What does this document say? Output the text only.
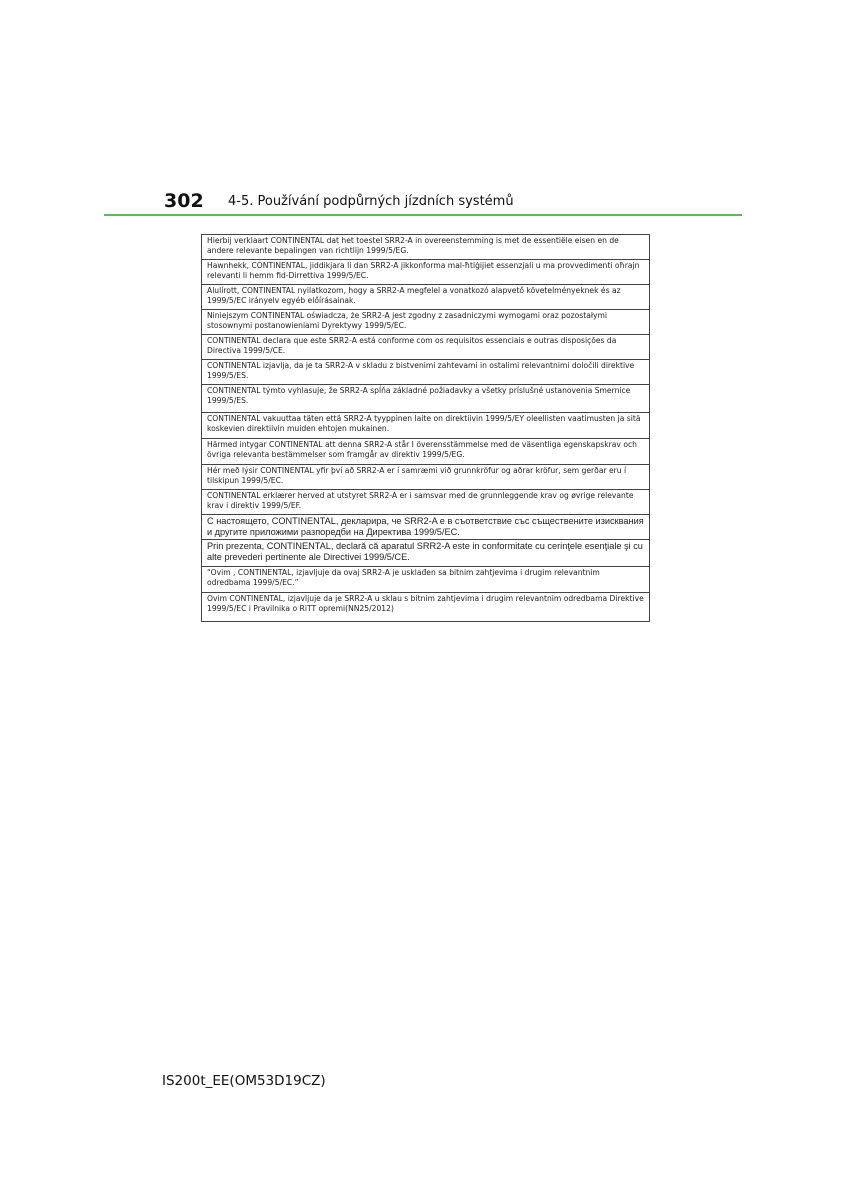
302 4-5. Používání podpůrných jízdních systémů
Hierbij verklaart CONTINENTAL dat het toestel SRR2-A in overeenstemming is met de essentiële eisen en de andere relevante bepalingen van richtlijn 1999/5/EG.
Hawnhekk, CONTINENTAL, jiddikjara li dan SRR2-A jikkonforma mal-ħtiġijiet essenzjali u ma provvedimenti oħrajn relevanti li hemm fid-Dirrettiva 1999/5/EC.
Alulírott, CONTINENTAL nyilatkozom, hogy a SRR2-A megfelel a vonatkozó alapvető követelményeknek és az 1999/5/EC irányelv egyéb előírásainak.
Niniejszym CONTINENTAL oświadcza, że SRR2-A jest zgodny z zasadniczymi wymogami oraz pozostałymi stosownymi postanowieniami Dyrektywy 1999/5/EC.
CONTINENTAL declara que este SRR2-A está conforme com os requisitos essenciais e outras disposições da Directiva 1999/5/CE.
CONTINENTAL izjavlja, da je ta SRR2-A v skladu z bistvenimi zahtevami in ostalimi relevantnimi določili direktive 1999/5/ES.
CONTINENTAL týmto vyhlasuje, že SRR2-A spĺňa základné požiadavky a všetky príslušné ustanovenia Smernice 1999/5/ES.
CONTINENTAL vakuuttaa täten että SRR2-A tyyppinen laite on direktiivin 1999/5/EY oleellisten vaatimusten ja sitä koskevien direktiivin muiden ehtojen mukainen.
Härmed intygar CONTINENTAL att denna SRR2-A står I överensstämmelse med de väsentliga egenskapskrav och övriga relevanta bestämmelser som framgår av direktiv 1999/5/EG.
Hér með lýsir CONTINENTAL yfir því að SRR2-A er í samræmi við grunnkröfur og aðrar kröfur, sem gerðar eru í tilskipun 1999/5/EC.
CONTINENTAL erklærer herved at utstyret SRR2-A er i samsvar med de grunnleggende krav og øvrige relevante krav i direktiv 1999/5/EF.
С настоящето, CONTINENTAL, декларира, че SRR2-A е в съответствие със съществените изисквания и другите приложими разпоредби на Директива 1999/5/EC.
Prin prezenta, CONTINENTAL, declară că aparatul SRR2-A este in conformitate cu cerinţele esenţiale şi cu alte prevederi pertinente ale Directivei 1999/5/CE.
“Ovim , CONTINENTAL, izjavljuje da ovaj SRR2-A je usklađen sa bitnim zahtjevima i drugim relevantnim odredbama 1999/5/EC.”
Ovim CONTINENTAL, izjavljuje da je SRR2-A u sklau s bitnim zahtjevima i drugim relevantnim odredbama Direktive 1999/5/EC i Pravilnika o RiTT opremi(NN25/2012)
IS200t_EE(OM53D19CZ)
